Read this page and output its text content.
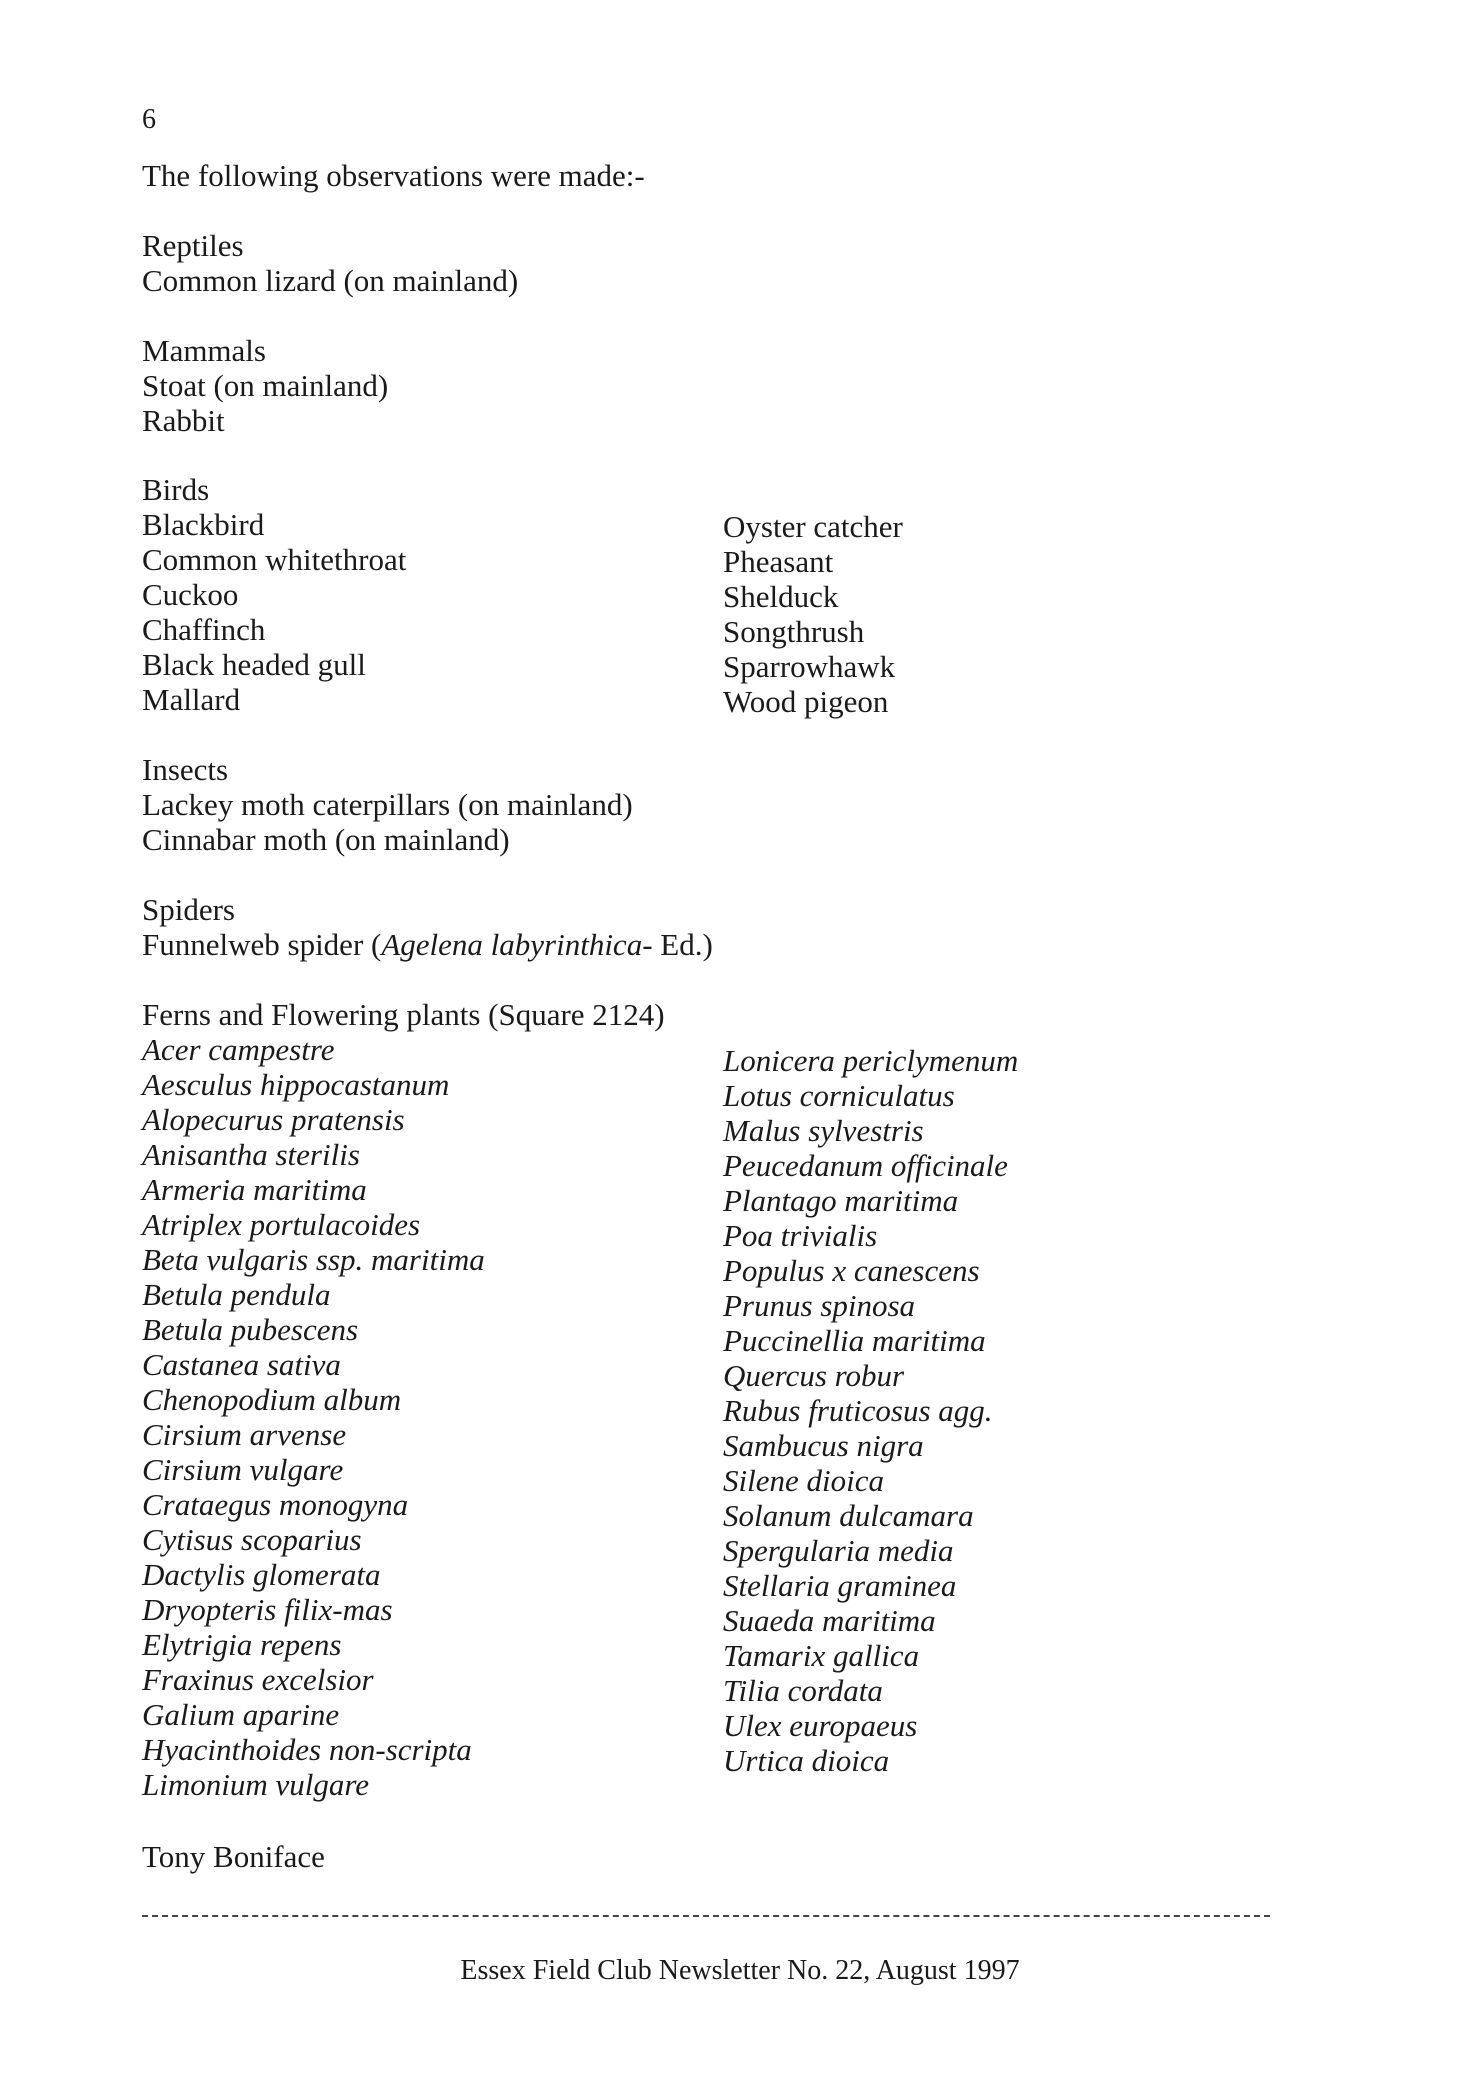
6
The following observations were made:-
Reptiles
Common lizard (on mainland)
Mammals
Stoat (on mainland)
Rabbit
Birds
Blackbird
Common whitethroat
Cuckoo
Chaffinch
Black headed gull
Mallard
Oyster catcher
Pheasant
Shelduck
Songthrush
Sparrowhawk
Wood pigeon
Insects
Lackey moth caterpillars (on mainland)
Cinnabar moth (on mainland)
Spiders
Funnelweb spider (Agelena labyrinthica- Ed.)
Ferns and Flowering plants (Square 2124)
Acer campestre
Aesculus hippocastanum
Alopecurus pratensis
Anisantha sterilis
Armeria maritima
Atriplex portulacoides
Beta vulgaris ssp. maritima
Betula pendula
Betula pubescens
Castanea sativa
Chenopodium album
Cirsium arvense
Cirsium vulgare
Crataegus monogyna
Cytisus scoparius
Dactylis glomerata
Dryopteris filix-mas
Elytrigia repens
Fraxinus excelsior
Galium aparine
Hyacinthoides non-scripta
Limonium vulgare
Lonicera periclymenum
Lotus corniculatus
Malus sylvestris
Peucedanum officinale
Plantago maritima
Poa trivialis
Populus x canescens
Prunus spinosa
Puccinellia maritima
Quercus robur
Rubus fruticosus agg.
Sambucus nigra
Silene dioica
Solanum dulcamara
Spergularia media
Stellaria graminea
Suaeda maritima
Tamarix gallica
Tilia cordata
Ulex europaeus
Urtica dioica
Tony Boniface
Essex Field Club Newsletter No. 22, August 1997
